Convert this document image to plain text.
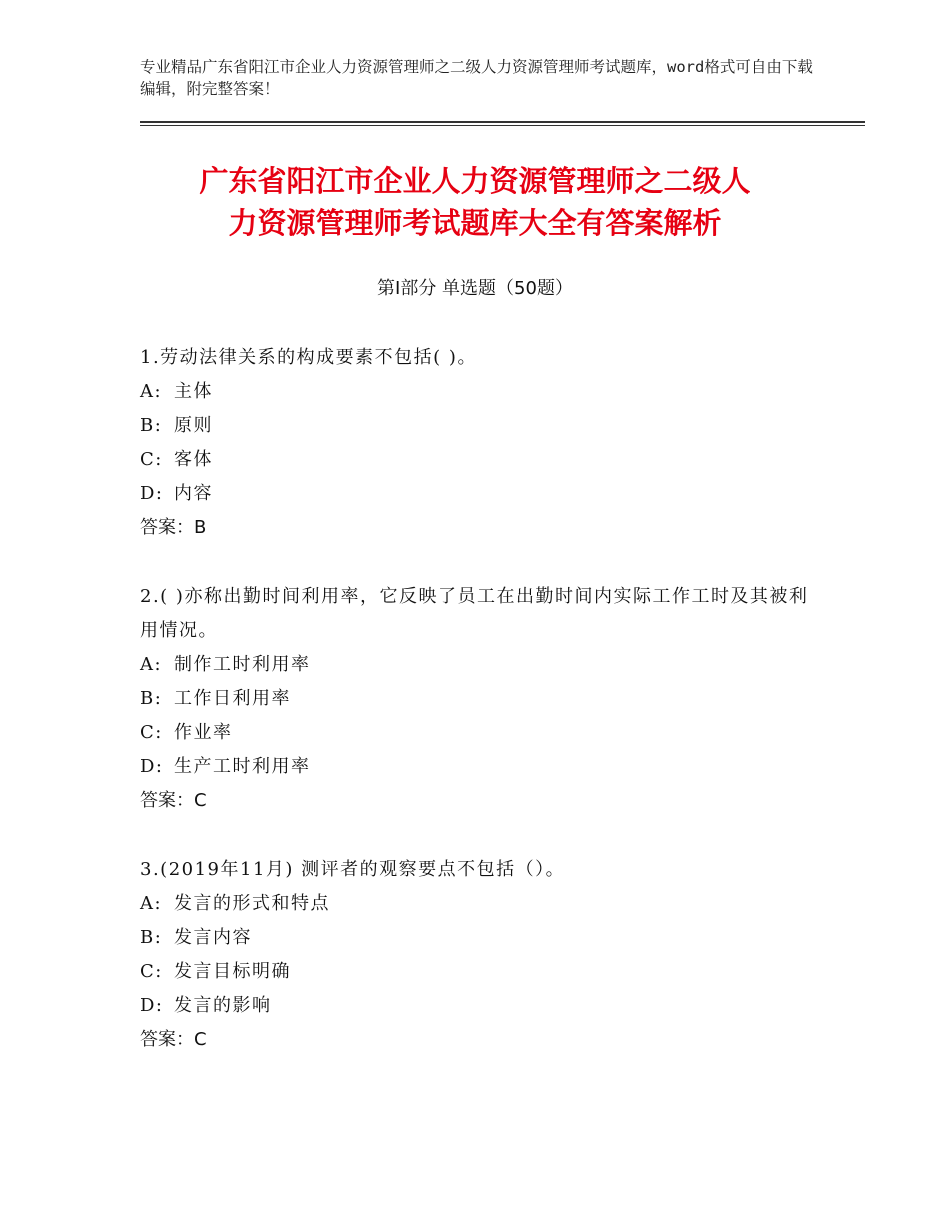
专业精品广东省阳江市企业人力资源管理师之二级人力资源管理师考试题库，word格式可自由下载编辑，附完整答案！
广东省阳江市企业人力资源管理师之二级人
力资源管理师考试题库大全有答案解析
第Ⅰ部分 单选题（50题）

1.劳动法律关系的构成要素不包括( )。

A: 主体

B: 原则

C: 客体

D: 内容

答案：B

2.( )亦称出勤时间利用率，它反映了员工在出勤时间内实际工作工时及其被利用情况。

A: 制作工时利用率

B: 工作日利用率

C: 作业率

D: 生产工时利用率

答案：C

3.(2019年11月) 测评者的观察要点不包括（）。

A: 发言的形式和特点

B: 发言内容

C: 发言目标明确

D: 发言的影响

答案：C
